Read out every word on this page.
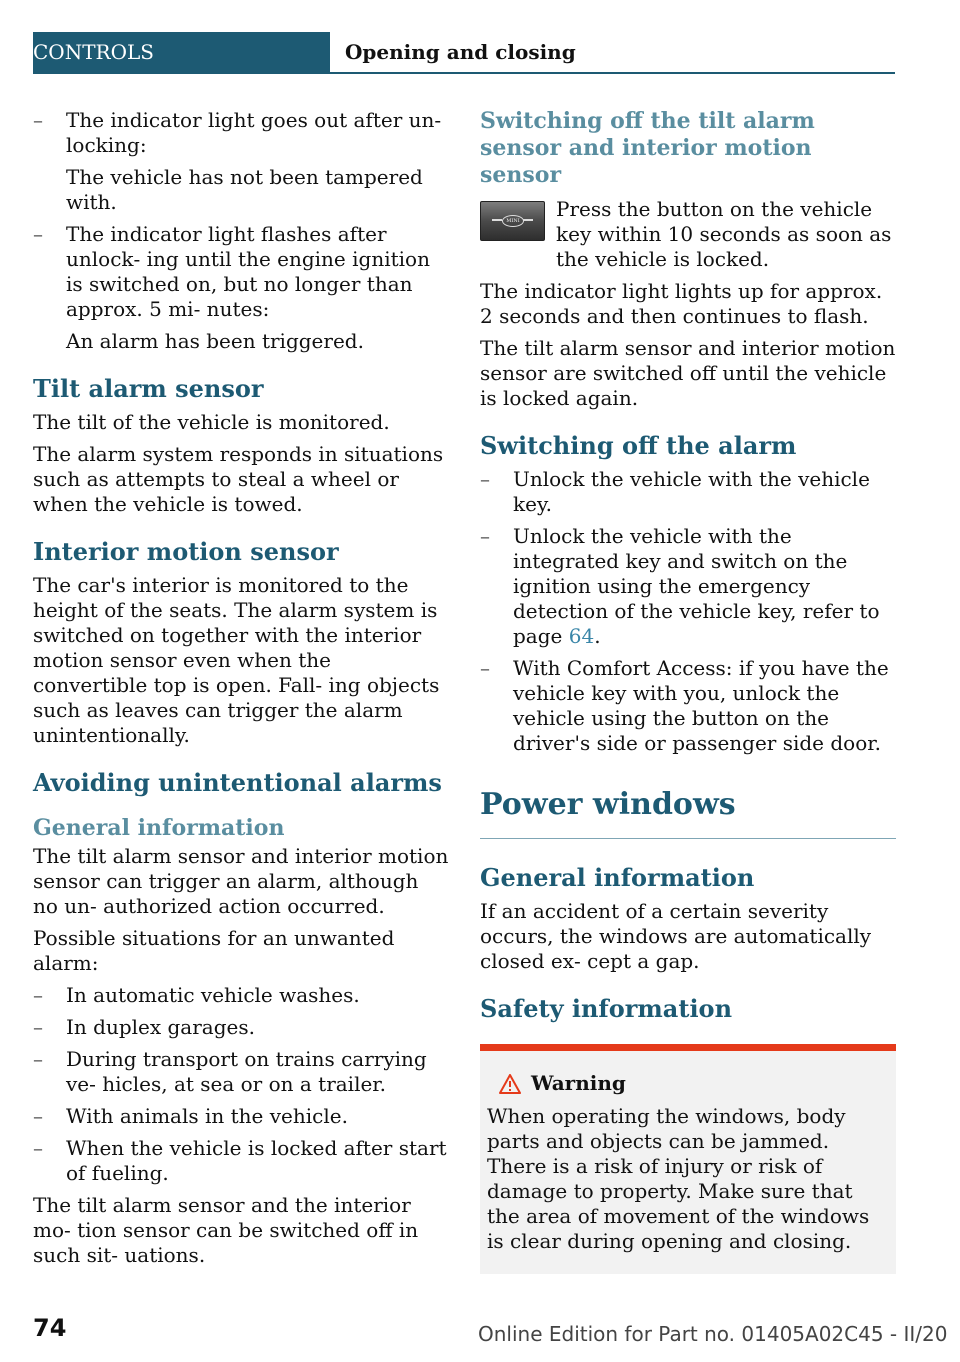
CONTROLS	Opening and closing
–	The indicator light goes out after un‐ locking:

The vehicle has not been tampered with.

–	The indicator light flashes after unlock‐ ing until the engine ignition is switched on, but no longer than approx. 5 mi‐ nutes:

An alarm has been triggered.

Tilt alarm sensor

The tilt of the vehicle is monitored.

The alarm system responds in situations such as attempts to steal a wheel or when the vehicle is towed.

Interior motion sensor

The car's interior is monitored to the height of the seats. The alarm system is switched on together with the interior motion sensor even when the convertible top is open. Fall‐ ing objects such as leaves can trigger the alarm unintentionally.

Avoiding unintentional alarms
General information

The tilt alarm sensor and interior motion sensor can trigger an alarm, although no un‐ authorized action occurred.

Possible situations for an unwanted alarm:

–	In automatic vehicle washes.
–	In duplex garages.
–	During transport on trains carrying ve‐ hicles, at sea or on a trailer.
–	With animals in the vehicle.
–	When the vehicle is locked after start of fueling.

The tilt alarm sensor and the interior mo‐ tion sensor can be switched off in such sit‐ uations.

Switching off the tilt alarm sensor and interior motion sensor
MINI Press the button on the vehicle key within 10 seconds as soon as the vehicle is locked.

The indicator light lights up for approx. 2 seconds and then continues to flash.

The tilt alarm sensor and interior motion sensor are switched off until the vehicle is locked again.

Switching off the alarm
–	Unlock the vehicle with the vehicle key.
–	Unlock the vehicle with the integrated key and switch on the ignition using the emergency detection of the vehicle key, refer to page 64.
–	With Comfort Access: if you have the vehicle key with you, unlock the vehicle using the button on the driver's side or passenger side door.
Power windows
General information

If an accident of a certain severity occurs, the windows are automatically closed ex‐ cept a gap.

Safety information
Warning

When operating the windows, body parts and objects can be jammed. There is a risk of injury or risk of damage to property. Make sure that the area of movement of the windows is clear during opening and closing.

74	Online Edition for Part no. 01405A02C45 - II/20
